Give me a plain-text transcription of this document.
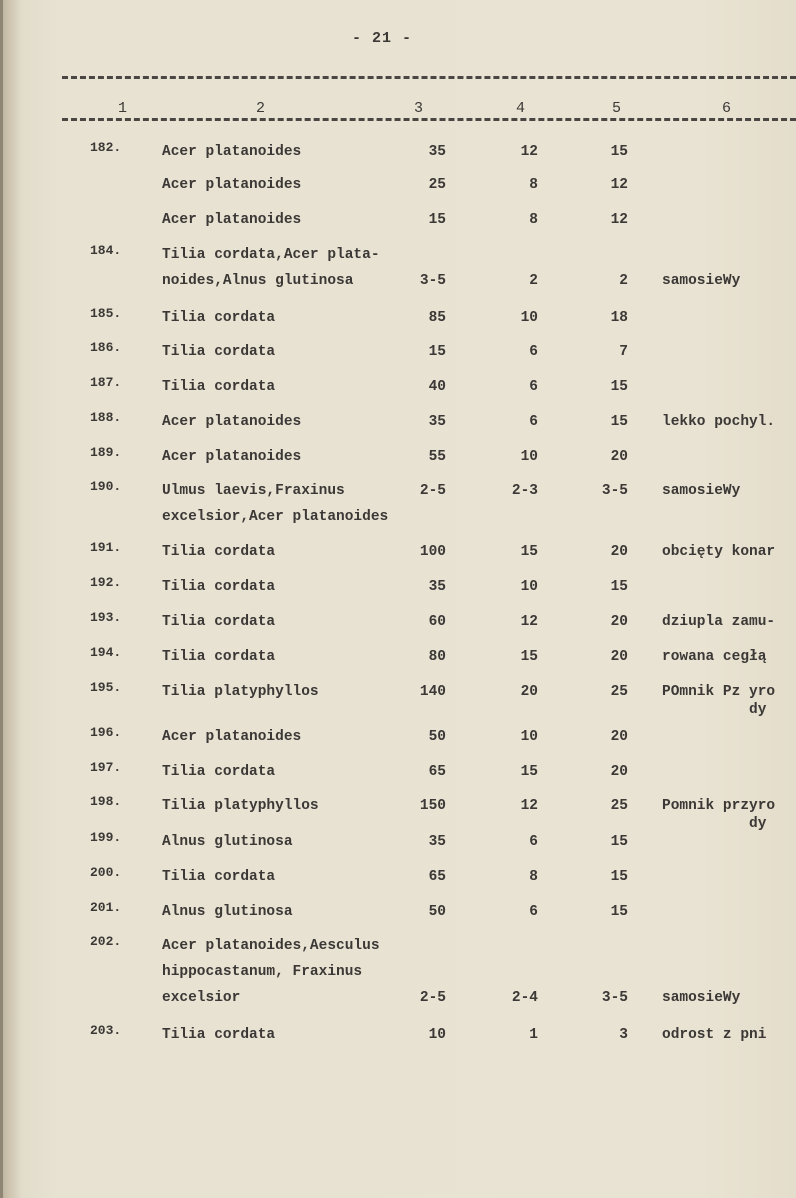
- 21 -
1	2	3	4	5	6
182.	Acer platanoides	35	12	15
Acer platanoides	25	8	12
Acer platanoides	15	8	12
184.	Tilia cordata,Acer plata-
noides,Alnus glutinosa	3-5	2	2 samosieWy
185.	Tilia cordata	85	10	18
186.	Tilia cordata	15	6	7
187.	Tilia cordata	40	6	15
188.	Acer platanoides	35	6	15 lekko pochyl.
189.	Acer platanoides	55	10	20
190.	Ulmus laevis,Fraxinus
excelsior,Acer platanoides
2-5	2-3	3-5 samosieWy
191.	Tilia cordata	100	15	20 obcięty konar
192.	Tilia cordata	35	10	15
193.	Tilia cordata	60	12	20 dziupla zamu-
194.	Tilia cordata	80	15	20 rowana cegłą
195.	Tilia platyphyllos	140	20	25 POmnik Pz yro
dy
196.	Acer platanoides	50	10	20
197.	Tilia cordata	65	15	20
198.	Tilia platyphyllos	150	12	25 Pomnik przyro
dy
199.	Alnus glutinosa	35	6	15
200.	Tilia cordata	65	8	15
201.	Alnus glutinosa	50	6	15
202.	Acer platanoides,Aesculus
hippocastanum, Fraxinus
excelsior	2-5	2-4	3-5 samosieWy
203.	Tilia cordata	10	1	3 odrost z pni
